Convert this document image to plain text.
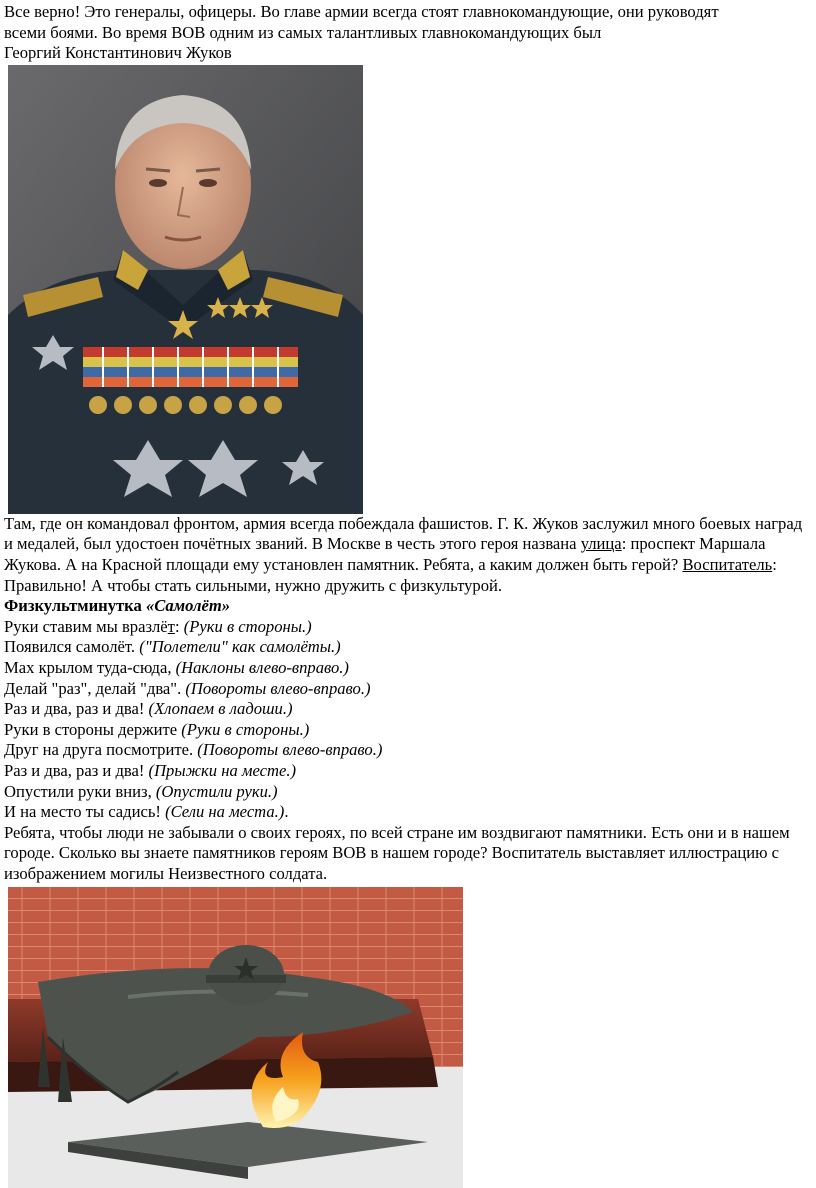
Все верно! Это генералы, офицеры. Во главе армии всегда стоят главнокомандующие, они руководят
всеми боями. Во время ВОВ одним из самых талантливых главнокомандующих был
Георгий Константинович Жуков

Там, где он командовал фронтом, армия всегда побеждала фашистов. Г. К. Жуков заслужил много боевых наград и медалей, был удостоен почётных званий. В Москве в честь этого героя названа улица: проспект Маршала Жукова. А на Красной площади ему установлен памятник. Ребята, а каким должен быть герой? Воспитатель: Правильно! А чтобы стать сильными, нужно дружить с физкультурой.

Физкультминутка «Самолёт»

Руки ставим мы вразлёт: (Руки в стороны.)

Появился самолёт. ("Полетели" как самолёты.)

Мах крылом туда-сюда, (Наклоны влево-вправо.)

Делай "раз", делай "два". (Повороты влево-вправо.)

Раз и два, раз и два! (Хлопаем в ладоши.)

Руки в стороны держите (Руки в стороны.)

Друг на друга посмотрите. (Повороты влево-вправо.)

Раз и два, раз и два! (Прыжки на месте.)

Опустили руки вниз, (Опустили руки.)

И на место ты садись! (Сели на места.).

Ребята, чтобы люди не забывали о своих героях, по всей стране им воздвигают памятники. Есть они и в нашем городе. Сколько вы знаете памятников героям ВОВ в нашем городе? Воспитатель выставляет иллюстрацию с изображением могилы Неизвестного солдата.
